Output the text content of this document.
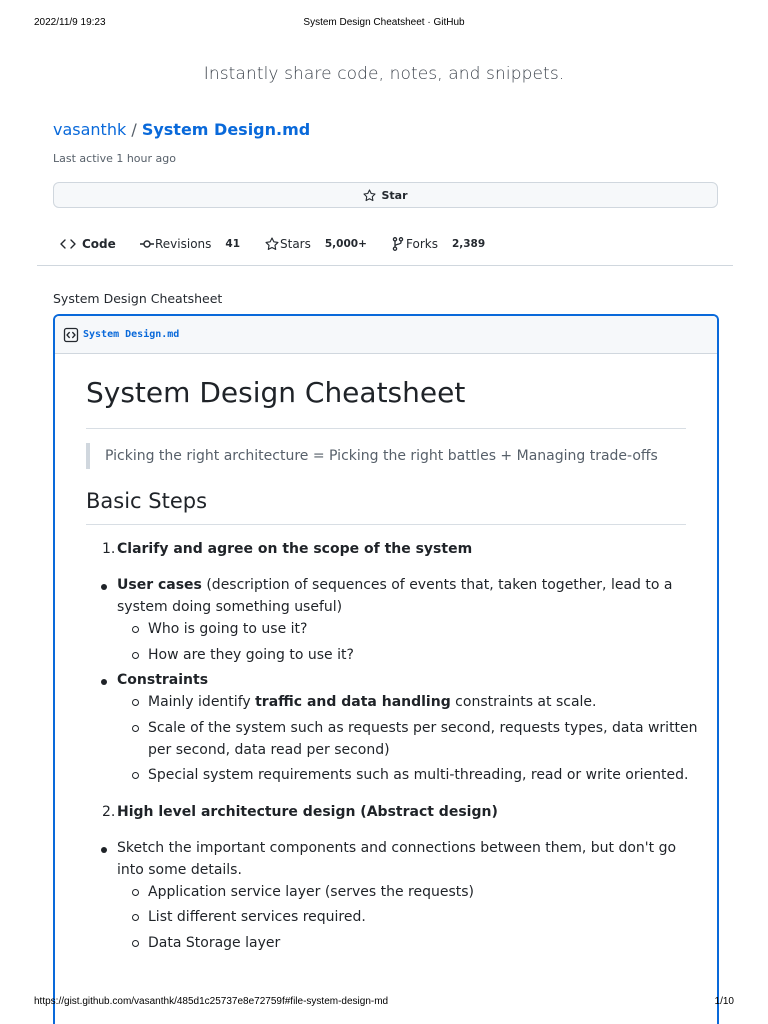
2022/11/9 19:23	System Design Cheatsheet · GitHub
Instantly share code, notes, and snippets.
vasanthk / System Design.md
Last active 1 hour ago
Star
Code	Revisions 41	Stars 5,000+	Forks 2,389
System Design Cheatsheet
System Design.md
System Design Cheatsheet
Picking the right architecture = Picking the right battles + Managing trade-offs
Basic Steps
1. Clarify and agree on the scope of the system
User cases (description of sequences of events that, taken together, lead to a
system doing something useful)
Who is going to use it?
How are they going to use it?
Constraints
Mainly identify traffic and data handling constraints at scale.
Scale of the system such as requests per second, requests types, data written
per second, data read per second)
Special system requirements such as multi-threading, read or write oriented.
2. High level architecture design (Abstract design)
Sketch the important components and connections between them, but don't go
into some details.
Application service layer (serves the requests)
List different services required.
Data Storage layer
https://gist.github.com/vasanthk/485d1c25737e8e72759f#file-system-design-md	1/10
